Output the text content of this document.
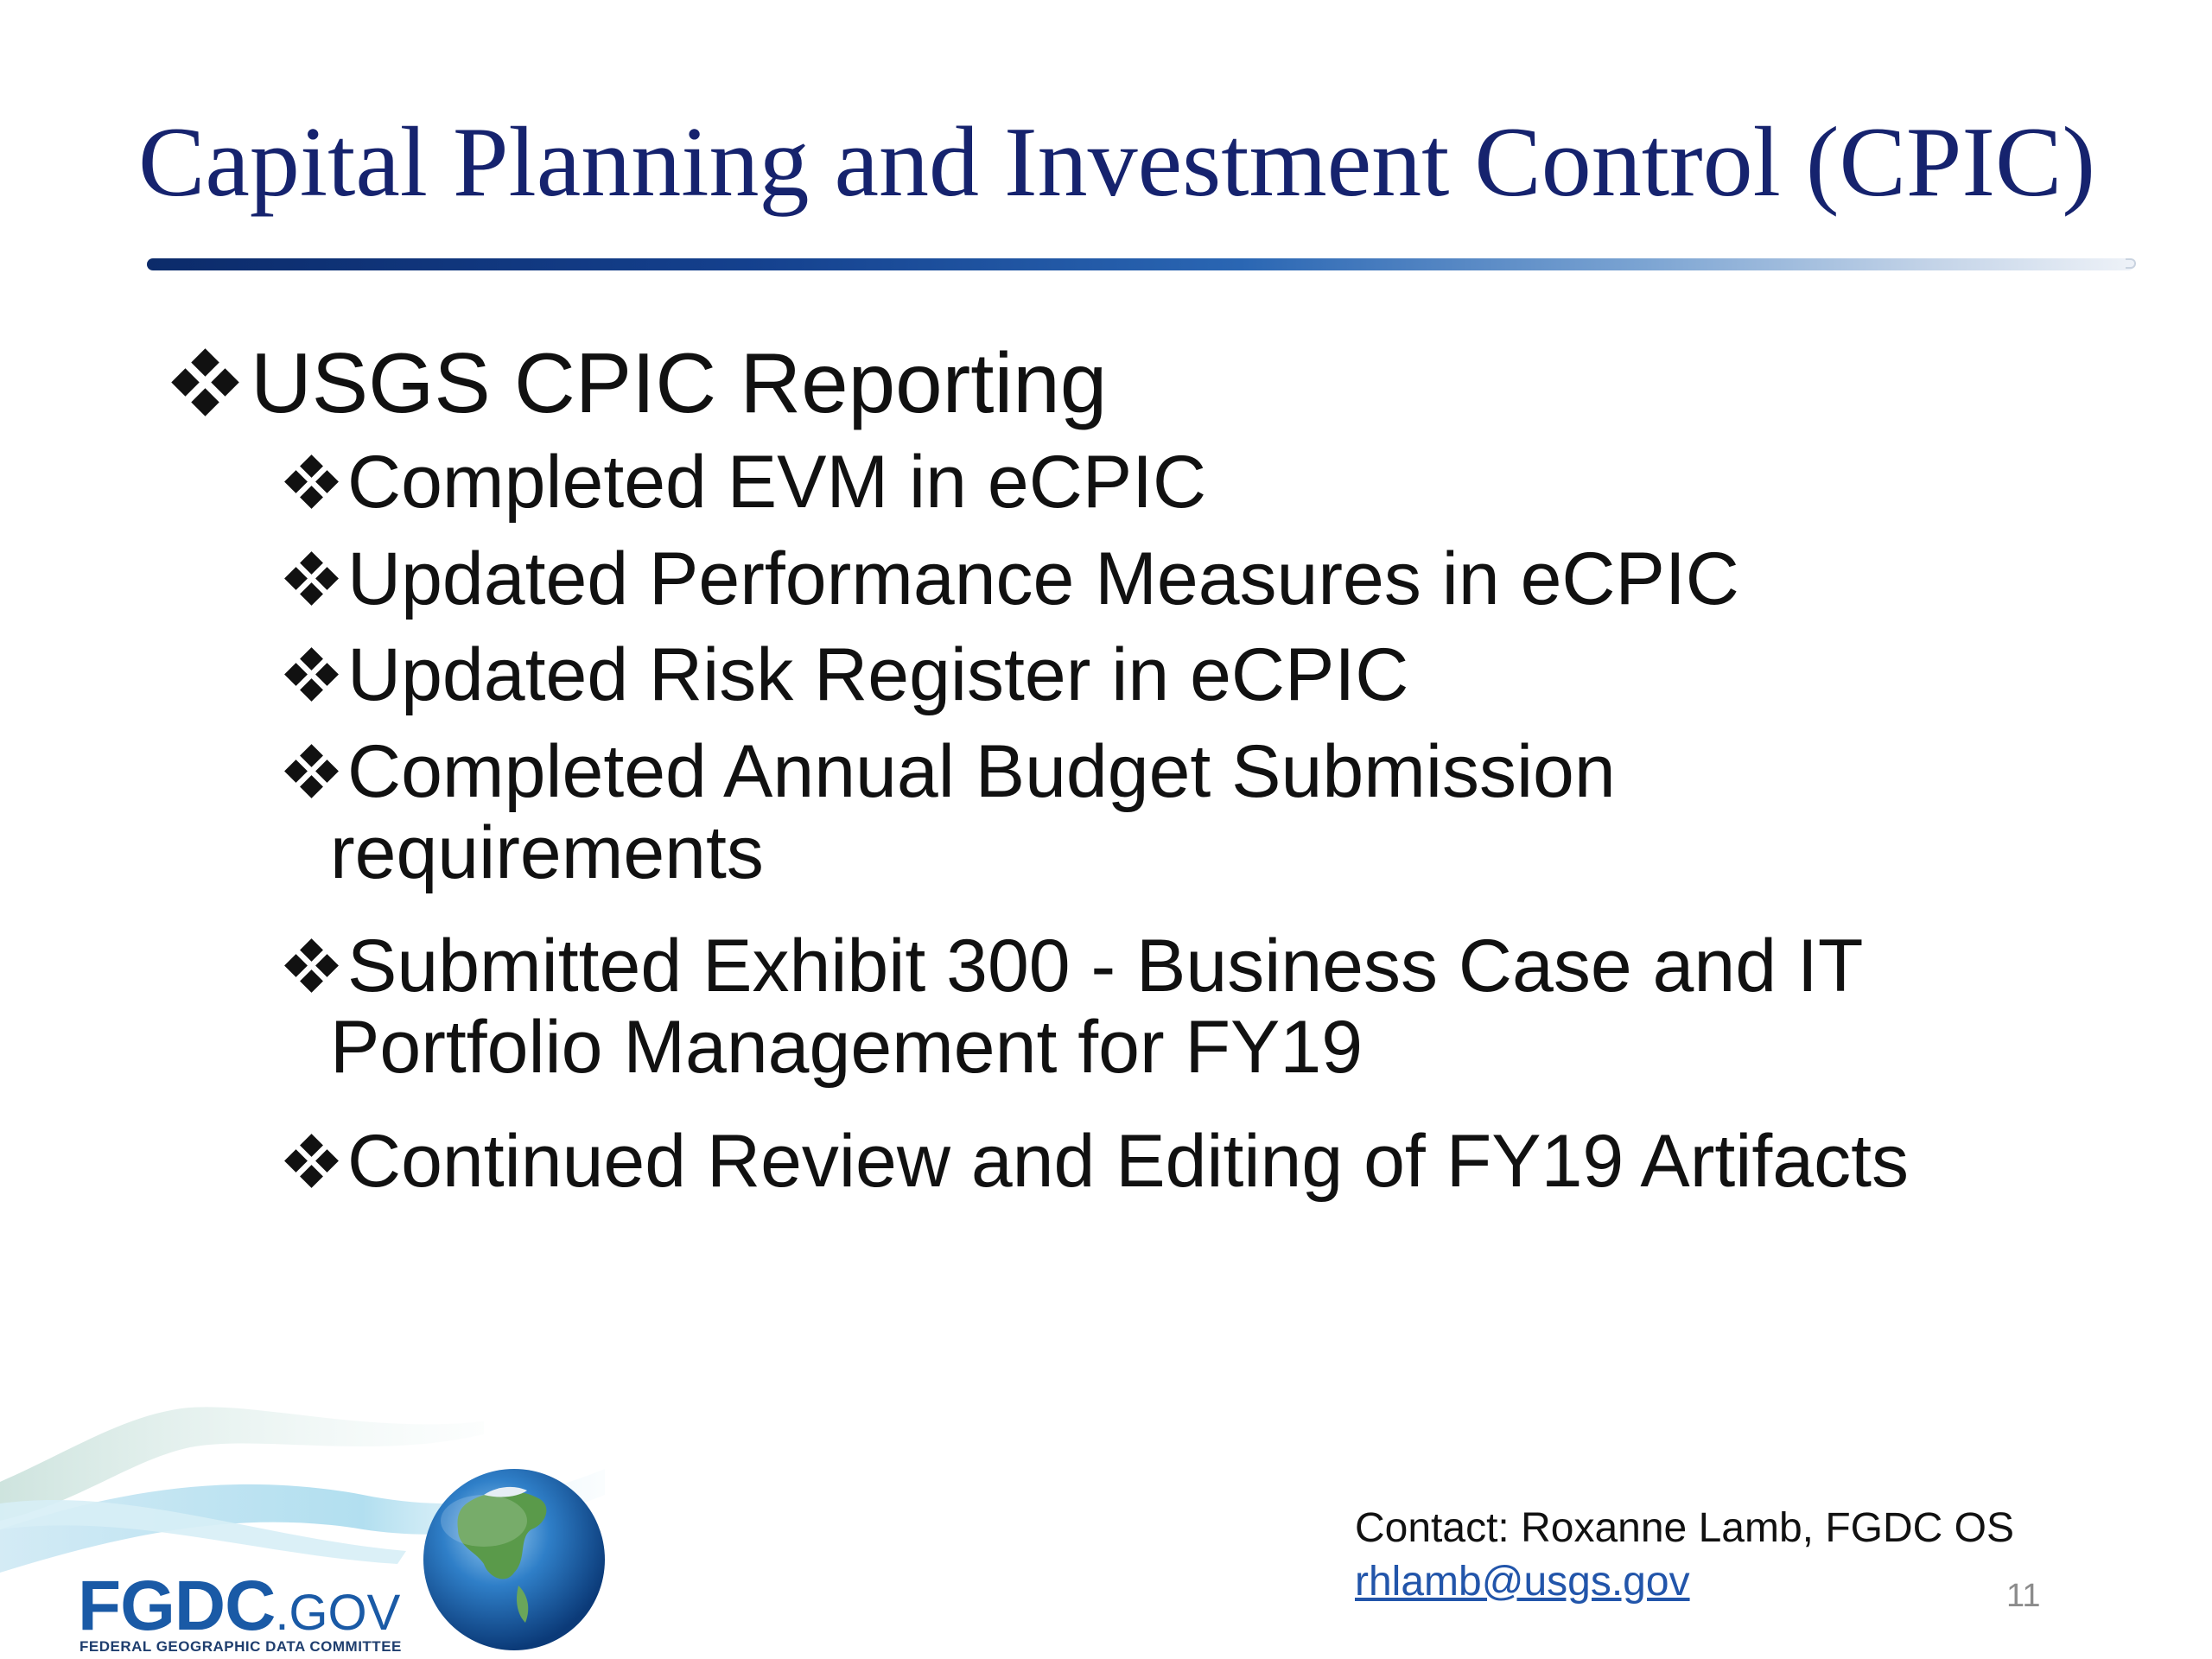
Capital Planning and Investment Control (CPIC)
USGS CPIC Reporting
Completed EVM in eCPIC
Updated Performance Measures in eCPIC
Updated Risk Register in eCPIC
Completed Annual Budget Submission
requirements
Submitted Exhibit 300 - Business Case and IT
Portfolio Management for FY19
Continued Review and Editing of FY19 Artifacts
FGDC.GOV
FEDERAL GEOGRAPHIC DATA COMMITTEE
Contact: Roxanne Lamb, FGDC OS
rhlamb@usgs.gov	11
